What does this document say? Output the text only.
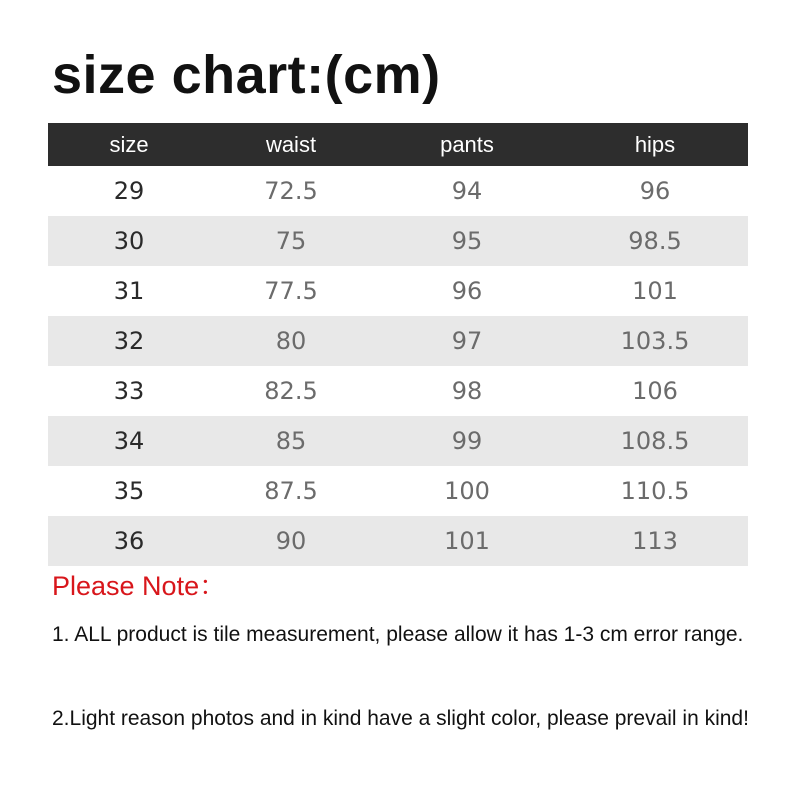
size chart:(cm)
size	waist	pants	hips
29	72.5	94	96
30	75	95	98.5
31	77.5	96	101
32	80	97	103.5
33	82.5	98	106
34	85	99	108.5
35	87.5	100	110.5
36	90	101	113
Please Note：
1. ALL product is tile measurement, please allow it has 1-3 cm error range.
2.Light reason photos and in kind have a slight color, please prevail in kind!
